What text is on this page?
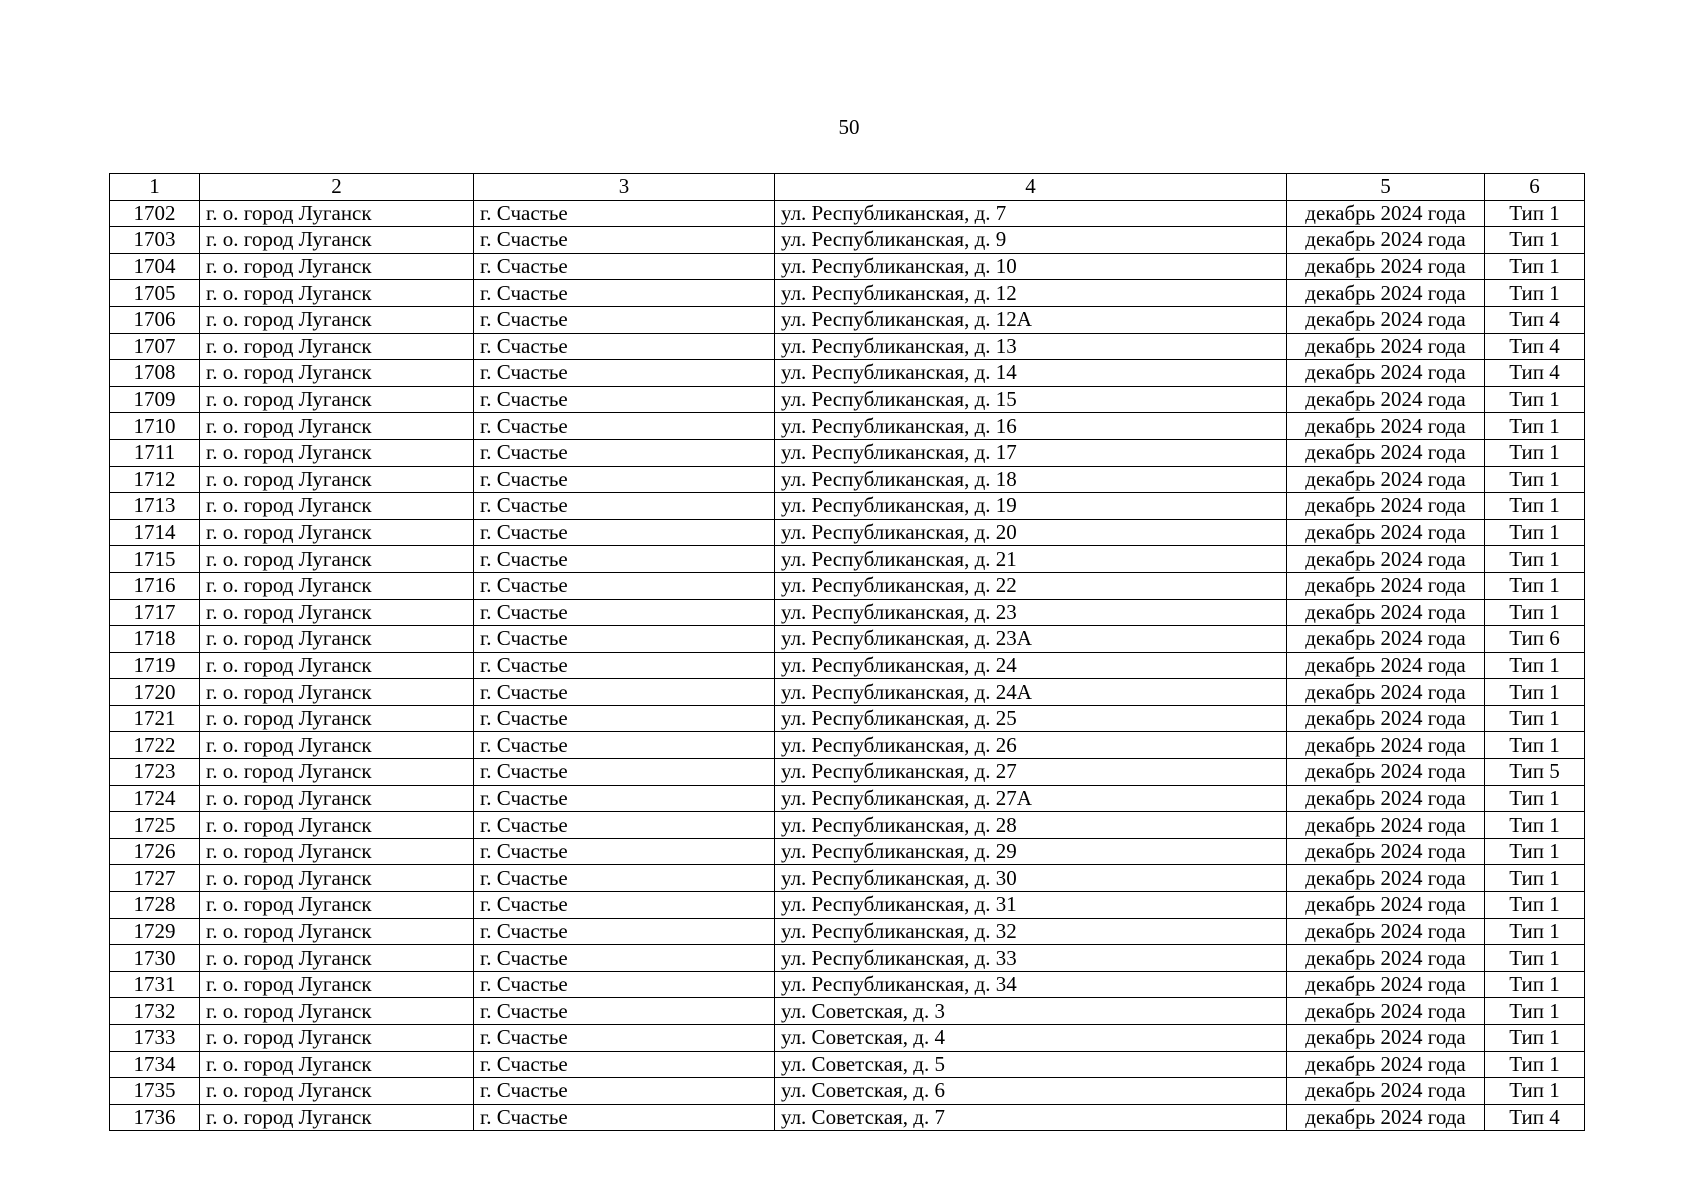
50
1	2	3	4	5	6
1702	г. о. город Луганск	г. Счастье	ул. Республиканская, д. 7	декабрь 2024 года	Тип 1
1703	г. о. город Луганск	г. Счастье	ул. Республиканская, д. 9	декабрь 2024 года	Тип 1
1704	г. о. город Луганск	г. Счастье	ул. Республиканская, д. 10	декабрь 2024 года	Тип 1
1705	г. о. город Луганск	г. Счастье	ул. Республиканская, д. 12	декабрь 2024 года	Тип 1
1706	г. о. город Луганск	г. Счастье	ул. Республиканская, д. 12А	декабрь 2024 года	Тип 4
1707	г. о. город Луганск	г. Счастье	ул. Республиканская, д. 13	декабрь 2024 года	Тип 4
1708	г. о. город Луганск	г. Счастье	ул. Республиканская, д. 14	декабрь 2024 года	Тип 4
1709	г. о. город Луганск	г. Счастье	ул. Республиканская, д. 15	декабрь 2024 года	Тип 1
1710	г. о. город Луганск	г. Счастье	ул. Республиканская, д. 16	декабрь 2024 года	Тип 1
1711	г. о. город Луганск	г. Счастье	ул. Республиканская, д. 17	декабрь 2024 года	Тип 1
1712	г. о. город Луганск	г. Счастье	ул. Республиканская, д. 18	декабрь 2024 года	Тип 1
1713	г. о. город Луганск	г. Счастье	ул. Республиканская, д. 19	декабрь 2024 года	Тип 1
1714	г. о. город Луганск	г. Счастье	ул. Республиканская, д. 20	декабрь 2024 года	Тип 1
1715	г. о. город Луганск	г. Счастье	ул. Республиканская, д. 21	декабрь 2024 года	Тип 1
1716	г. о. город Луганск	г. Счастье	ул. Республиканская, д. 22	декабрь 2024 года	Тип 1
1717	г. о. город Луганск	г. Счастье	ул. Республиканская, д. 23	декабрь 2024 года	Тип 1
1718	г. о. город Луганск	г. Счастье	ул. Республиканская, д. 23А	декабрь 2024 года	Тип 6
1719	г. о. город Луганск	г. Счастье	ул. Республиканская, д. 24	декабрь 2024 года	Тип 1
1720	г. о. город Луганск	г. Счастье	ул. Республиканская, д. 24А	декабрь 2024 года	Тип 1
1721	г. о. город Луганск	г. Счастье	ул. Республиканская, д. 25	декабрь 2024 года	Тип 1
1722	г. о. город Луганск	г. Счастье	ул. Республиканская, д. 26	декабрь 2024 года	Тип 1
1723	г. о. город Луганск	г. Счастье	ул. Республиканская, д. 27	декабрь 2024 года	Тип 5
1724	г. о. город Луганск	г. Счастье	ул. Республиканская, д. 27А	декабрь 2024 года	Тип 1
1725	г. о. город Луганск	г. Счастье	ул. Республиканская, д. 28	декабрь 2024 года	Тип 1
1726	г. о. город Луганск	г. Счастье	ул. Республиканская, д. 29	декабрь 2024 года	Тип 1
1727	г. о. город Луганск	г. Счастье	ул. Республиканская, д. 30	декабрь 2024 года	Тип 1
1728	г. о. город Луганск	г. Счастье	ул. Республиканская, д. 31	декабрь 2024 года	Тип 1
1729	г. о. город Луганск	г. Счастье	ул. Республиканская, д. 32	декабрь 2024 года	Тип 1
1730	г. о. город Луганск	г. Счастье	ул. Республиканская, д. 33	декабрь 2024 года	Тип 1
1731	г. о. город Луганск	г. Счастье	ул. Республиканская, д. 34	декабрь 2024 года	Тип 1
1732	г. о. город Луганск	г. Счастье	ул. Советская, д. 3	декабрь 2024 года	Тип 1
1733	г. о. город Луганск	г. Счастье	ул. Советская, д. 4	декабрь 2024 года	Тип 1
1734	г. о. город Луганск	г. Счастье	ул. Советская, д. 5	декабрь 2024 года	Тип 1
1735	г. о. город Луганск	г. Счастье	ул. Советская, д. 6	декабрь 2024 года	Тип 1
1736	г. о. город Луганск	г. Счастье	ул. Советская, д. 7	декабрь 2024 года	Тип 4
